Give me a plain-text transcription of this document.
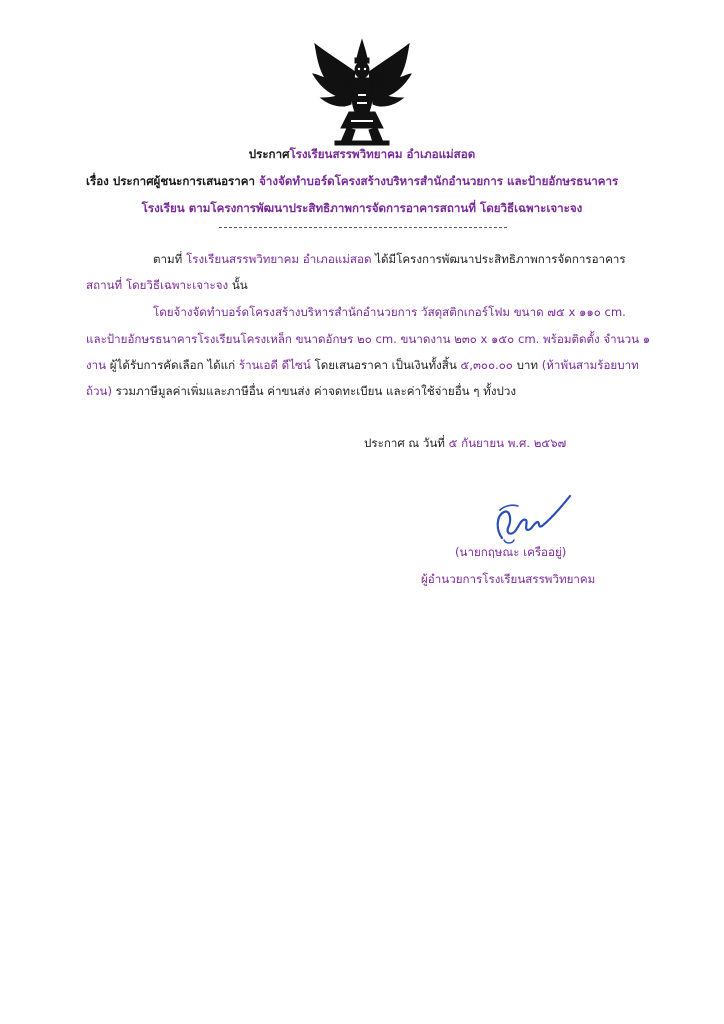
ประกาศโรงเรียนสรรพวิทยาคม อำเภอแม่สอด
เรื่อง ประกาศผู้ชนะการเสนอราคา จ้างจัดทำบอร์ดโครงสร้างบริหารสำนักอำนวยการ และป้ายอักษรธนาคาร
โรงเรียน ตามโครงการพัฒนาประสิทธิภาพการจัดการอาคารสถานที่ โดยวิธีเฉพาะเจาะจง
ตามที่ โรงเรียนสรรพวิทยาคม อำเภอแม่สอด ได้มีโครงการพัฒนาประสิทธิภาพการจัดการอาคาร
สถานที่ โดยวิธีเฉพาะเจาะจง นั้น
โดยจ้างจัดทำบอร์ดโครงสร้างบริหารสำนักอำนวยการ วัสดุสติกเกอร์โฟม ขนาด ๗๕ x ๑๑๐ cm.
และป้ายอักษรธนาคารโรงเรียนโครงเหล็ก ขนาดอักษร ๒๐ cm. ขนาดงาน ๒๓๐ x ๑๕๐ cm. พร้อมติดตั้ง จำนวน ๑
งาน ผู้ได้รับการคัดเลือก ได้แก่ ร้านเอดี ดีไซน์ โดยเสนอราคา เป็นเงินทั้งสิ้น ๕,๓๐๐.๐๐ บาท (ห้าพันสามร้อยบาท
ถ้วน) รวมภาษีมูลค่าเพิ่มและภาษีอื่น ค่าขนส่ง ค่าจดทะเบียน และค่าใช้จ่ายอื่น ๆ ทั้งปวง
ประกาศ ณ วันที่ ๕ กันยายน พ.ศ. ๒๕๖๗
(นายกฤษณะ เครืออยู่)
ผู้อำนวยการโรงเรียนสรรพวิทยาคม
